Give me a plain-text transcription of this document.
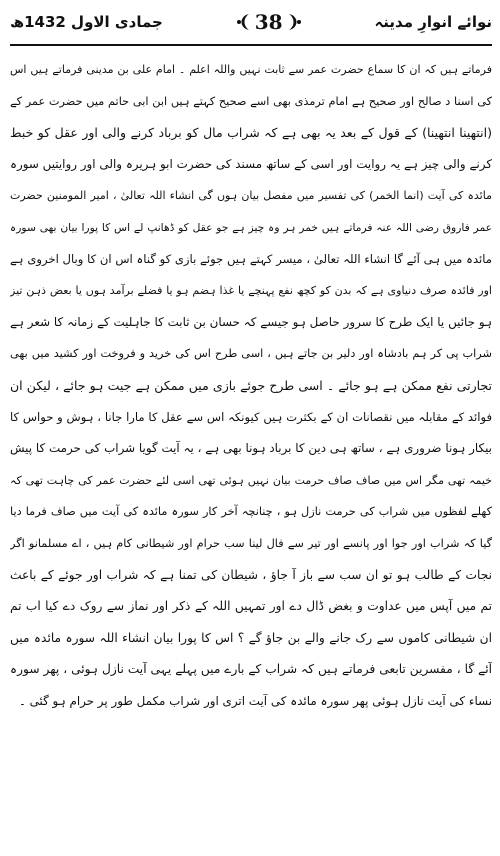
نوائے انوارِ مدینہ
38
جمادی الاول 1432ھ
فرماتے ہیں کہ ان کا سماع حضرت عمر سے ثابت نہیں واللہ اعلم ۔ امام علی بن مدینی فرماتے ہیں اس
کی اسنا د صالح اور صحیح ہے امام ترمذی بھی اسے صحیح کہتے ہیں ابن ابی حاتم میں حضرت عمر کے
(انتھینا انتھینا) کے قول کے بعد یہ بھی ہے کہ شراب مال کو برباد کرنے والی اور عقل کو خبط
کرنے والی چیز ہے یہ روایت اور اسی کے ساتھ مسند کی حضرت ابو ہریرہ والی اور روایتیں سورہ
مائدہ کی آیت (انما الخمر) کی تفسیر میں مفصل بیان ہوں گی انشاء اللہ تعالیٰ ، امیر المومنین حضرت
عمر فاروق رضی اللہ عنہ فرماتے ہیں خمر ہر وہ چیز ہے جو عقل کو ڈھانپ لے اس کا پورا بیان بھی سورہ
مائدہ میں ہی آئے گا انشاء اللہ تعالیٰ ، میسر کہتے ہیں جوئے بازی کو گناہ اس ان کا وبال اخروی ہے
اور فائدہ صرف دنیاوی ہے کہ بدن کو کچھ نفع پہنچے یا غذا ہضم ہو یا فضلے برآمد ہوں یا بعض ذہن تیز
ہو جائیں یا ایک طرح کا سرور حاصل ہو جیسے کہ حسان بن ثابت کا جاہلیت کے زمانہ کا شعر ہے
شراب پی کر ہم بادشاہ اور دلیر بن جاتے ہیں ، اسی طرح اس کی خرید و فروخت اور کشید میں بھی
تجارتی نفع ممکن ہے ہو جائے ۔ اسی طرح جوئے بازی میں ممکن ہے جیت ہو جائے ، لیکن ان
فوائد کے مقابلہ میں نقصانات ان کے بکثرت ہیں کیونکہ اس سے عقل کا مارا جانا ، ہوش و حواس کا
بیکار ہونا ضروری ہے ، ساتھ ہی دین کا برباد ہونا بھی ہے ، یہ آیت گویا شراب کی حرمت کا پیش
خیمہ تھی مگر اس میں صاف صاف حرمت بیان نہیں ہوئی تھی اسی لئے حضرت عمر کی چاہت تھی کہ
کھلے لفظوں میں شراب کی حرمت نازل ہو ، چنانچہ آخر کار سورہ مائدہ کی آیت میں صاف فرما دیا
گیا کہ شراب اور جوا اور پانسے اور تیر سے فال لینا سب حرام اور شیطانی کام ہیں ، اے مسلمانو اگر
نجات کے طالب ہو تو ان سب سے باز آ جاؤ ، شیطان کی تمنا ہے کہ شراب اور جوئے کے باعث
تم میں آپس میں عداوت و بغض ڈال دے اور تمہیں اللہ کے ذکر اور نماز سے روک دے کیا اب تم
ان شیطانی کاموں سے رک جانے والے بن جاؤ گے ؟ اس کا پورا بیان انشاء اللہ سورہ مائدہ میں
آئے گا ، مفسرین تابعی فرماتے ہیں کہ شراب کے بارے میں پہلے یہی آیت نازل ہوئی ، پھر سورہ
نساء کی آیت نازل ہوئی پھر سورہ مائدہ کی آیت اتری اور شراب مکمل طور پر حرام ہو گئی ۔
